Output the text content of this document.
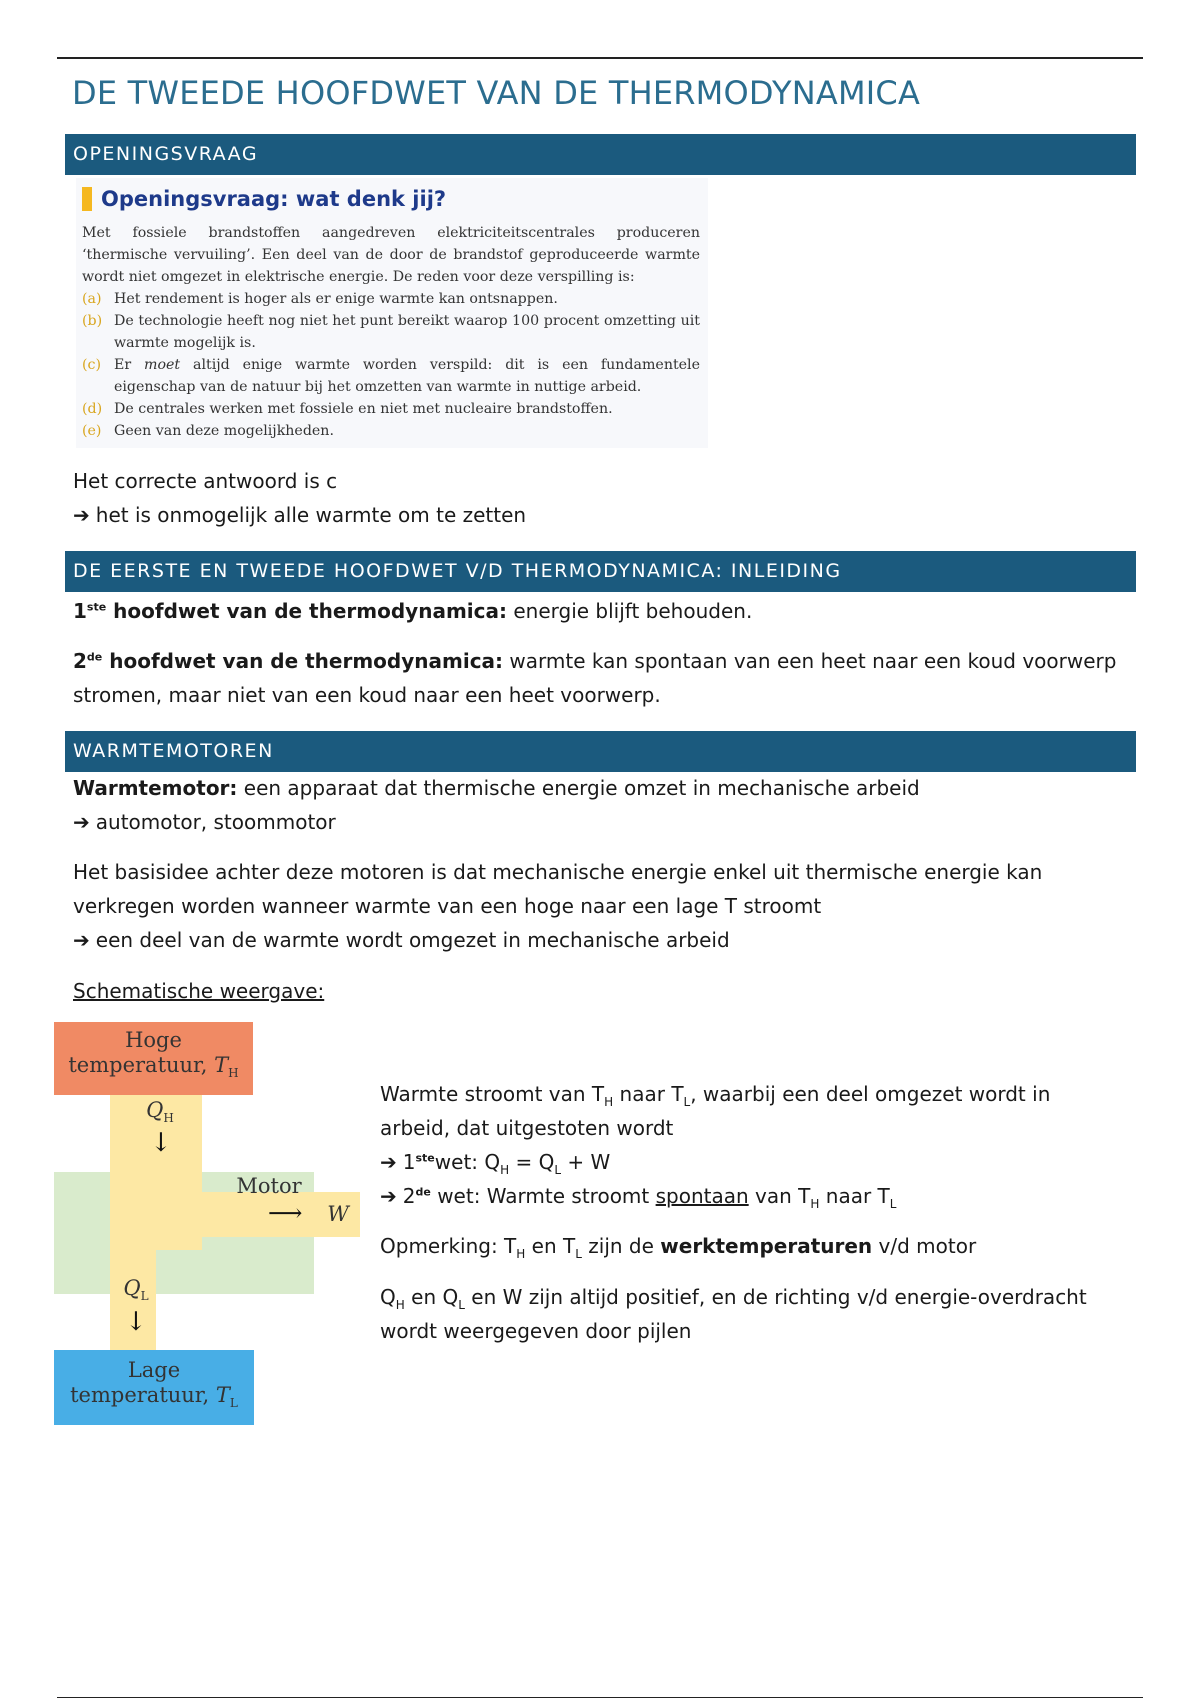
DE TWEEDE HOOFDWET VAN DE THERMODYNAMICA
OPENINGSVRAAG
Openingsvraag: wat denk jij?
Met fossiele brandstoffen aangedreven elektriciteitscentrales produceren ‘thermische vervuiling’. Een deel van de door de brandstof geproduceerde warmte wordt niet omgezet in elektrische energie. De reden voor deze verspilling is:
(a) Het rendement is hoger als er enige warmte kan ontsnappen.
(b) De technologie heeft nog niet het punt bereikt waarop 100 procent omzetting uit warmte mogelijk is.
(c) Er moet altijd enige warmte worden verspild: dit is een fundamentele eigenschap van de natuur bij het omzetten van warmte in nuttige arbeid.
(d) De centrales werken met fossiele en niet met nucleaire brandstoffen.
(e) Geen van deze mogelijkheden.

Het correcte antwoord is c

➔ het is onmogelijk alle warmte om te zetten

DE EERSTE EN TWEEDE HOOFDWET V/D THERMODYNAMICA: INLEIDING

1ste hoofdwet van de thermodynamica: energie blijft behouden.

2de hoofdwet van de thermodynamica: warmte kan spontaan van een heet naar een koud voorwerp

stromen, maar niet van een koud naar een heet voorwerp.

WARMTEMOTOREN

Warmtemotor: een apparaat dat thermische energie omzet in mechanische arbeid

➔ automotor, stoommotor

Het basisidee achter deze motoren is dat mechanische energie enkel uit thermische energie kan

verkregen worden wanneer warmte van een hoge naar een lage T stroomt

➔ een deel van de warmte wordt omgezet in mechanische arbeid

Schematische weergave:

Hoge
temperatuur, $T_H$
$Q_H$
↓
Motor
⟶ W
$Q_L$
↓
Lage
temperatuur, $T_L$

Warmte stroomt van $T_H$ naar $T_L$, waarbij een deel omgezet wordt in

arbeid, dat uitgestoten wordt

➔ 1stewet: $Q_H = Q_L + W$

➔ 2de wet: Warmte stroomt spontaan van $T_H$ naar $T_L$

Opmerking: $T_H$ en $T_L$ zijn de werktemperaturen v/d motor

$Q_H$ en $Q_L$ en W zijn altijd positief, en de richting v/d energie-overdracht

wordt weergegeven door pijlen
